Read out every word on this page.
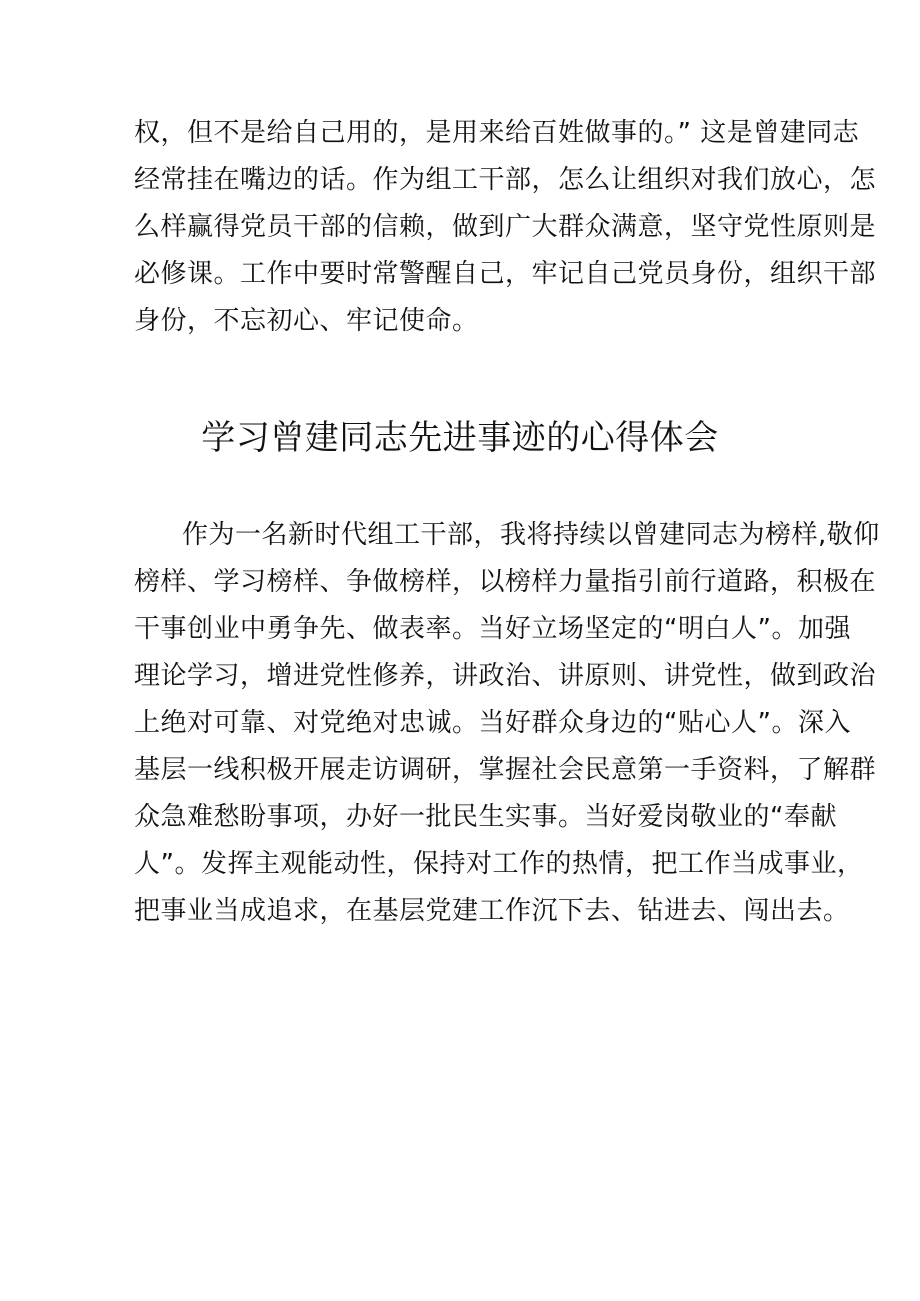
权，但不是给自己用的，是用来给百姓做事的。” 这是曾建同志
经常挂在嘴边的话。作为组工干部，怎么让组织对我们放心，怎
么样赢得党员干部的信赖，做到广大群众满意，坚守党性原则是
必修课。工作中要时常警醒自己，牢记自己党员身份，组织干部
身份，不忘初心、牢记使命。
学习曾建同志先进事迹的心得体会
作为一名新时代组工干部，我将持续以曾建同志为榜样,敬仰
榜样、学习榜样、争做榜样，以榜样力量指引前行道路，积极在
干事创业中勇争先、做表率。当好立场坚定的“明白人”。加强
理论学习，增进党性修养，讲政治、讲原则、讲党性，做到政治
上绝对可靠、对党绝对忠诚。当好群众身边的“贴心人”。深入
基层一线积极开展走访调研，掌握社会民意第一手资料，了解群
众急难愁盼事项，办好一批民生实事。当好爱岗敬业的“奉献
人”。发挥主观能动性，保持对工作的热情，把工作当成事业，
把事业当成追求，在基层党建工作沉下去、钻进去、闯出去。
